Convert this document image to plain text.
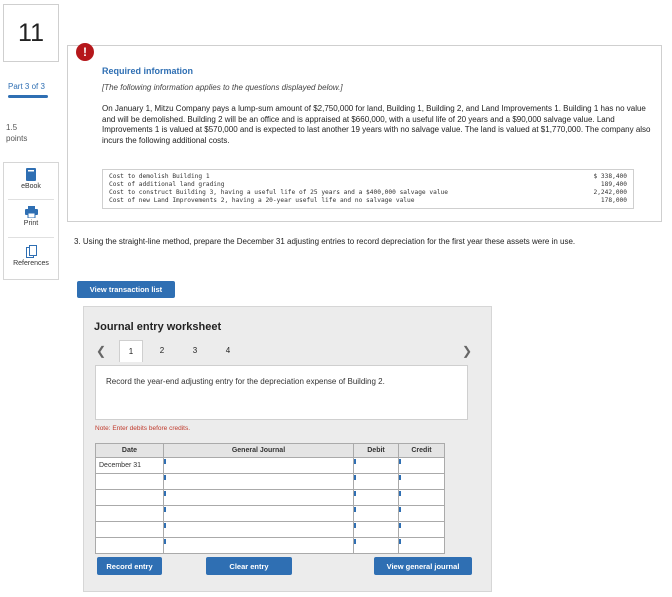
11
Part 3 of 3
1.5
points
eBook
Print
References
!
Required information
[The following information applies to the questions displayed below.]
On January 1, Mitzu Company pays a lump-sum amount of $2,750,000 for land, Building 1, Building 2, and Land Improvements 1. Building 1 has no value and will be demolished. Building 2 will be an office and is appraised at $660,000, with a useful life of 20 years and a $90,000 salvage value. Land Improvements 1 is valued at $570,000 and is expected to last another 19 years with no salvage value. The land is valued at $1,770,000. The company also incurs the following additional costs.
Cost to demolish Building 1	$ 338,400
Cost of additional land grading	189,400
Cost to construct Building 3, having a useful life of 25 years and a $400,000 salvage value	2,242,000
Cost of new Land Improvements 2, having a 20-year useful life and no salvage value	178,000
3. Using the straight-line method, prepare the December 31 adjusting entries to record depreciation for the first year these assets were in use.
View transaction list
Journal entry worksheet
❮	1	2	3	4	❯
Record the year-end adjusting entry for the depreciation expense of Building 2.
Note: Enter debits before credits.
Date	General Journal	Debit	Credit
December 31			

Record entry	Clear entry	View general journal
